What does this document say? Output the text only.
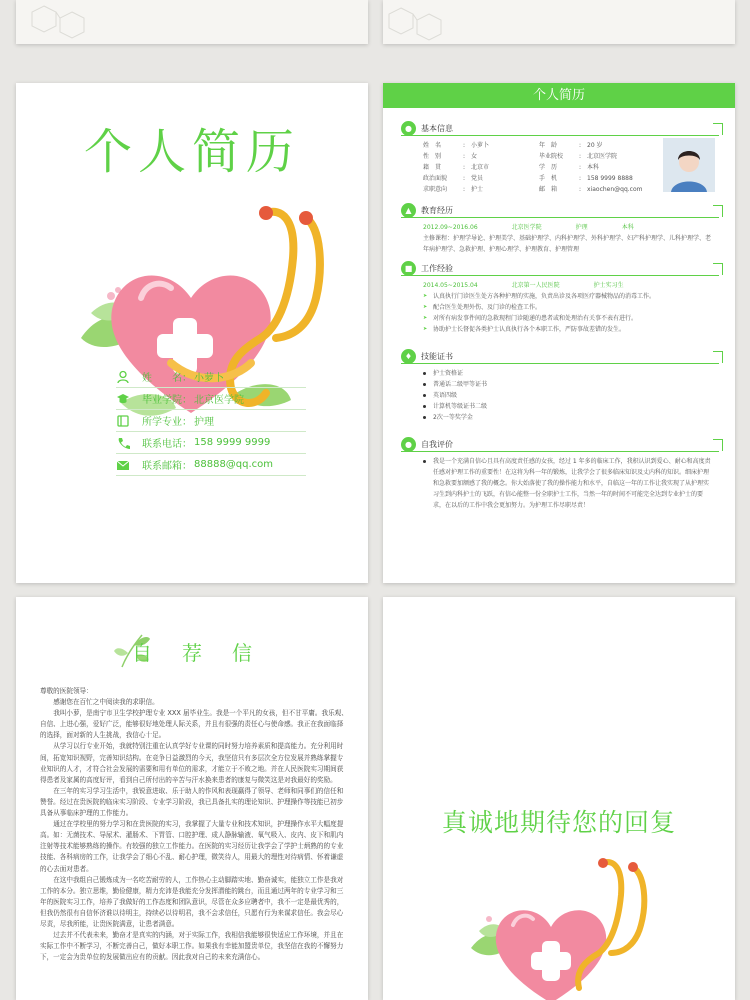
个人简历
姓　　名： 小萝卜
毕业学院： 北京医学院
所学专业： 护理
联系电话： 158 9999 9999
联系邮箱： 88888@qq.com
个人简历
●	基本信息
姓　名	: 小萝卜
性　别	: 女
籍　贯	: 北京市
政治面貌	: 党员
求职意向	: 护士
年　龄	: 20 岁
毕业院校	: 北京医学院
学　历	: 本科
手　机	: 158 9999 8888
邮　箱	: xiaochen@qq.com
▲	教育经历
2012.09~2016.06	北京医学院	护理	本科
主修课程：护理学导论、护理美学、基础护理学、内科护理学、外科护理学、妇产科护理学、儿科护理学、老年病护理学、急救护理、护理心理学、护理教育、护理管理
■	工作经验
2014.05~2015.04	北京第一人民医院	护士实习生
➤ 认真执行门诊医生处方各种护理的实施，负责出诊及各项医疗器械物品的消毒工作。
➤ 配合医生处理外伤、及门诊的检查工作。
➤ 对所有病发事件间的急救现程门诊随递的患者或和处理治有关事不表有进行。
➤ 协助护士长督促各类护士认真执行各个本职工作，严防事故差错的发生。
♦	技能证书
护士资格证
普通话二级甲等证书
英语四级
计算机等级证书二级
2次一等奖学金
●	自我评价
我是一个充满自信心且具有高度责任感的女孩，经过 1 年多的临床工作，我积认识到爱心、耐心和高度责任感对护理工作的重要性！在这将为科一年的锻炼，让我学会了很多临床知识及丈内科的知识。细床护理和急救要加额感了我的概念。你大始落使了我的操作能力和水平，自临这一年的工作让我实现了从护理实习生到内科护士的飞跃，有信心能整一份全职护士工作，当然一年的时间不可能完全达到专业护士的要求，在以后的工作中我会更加努力。为护理工作尽职尽责！
自荐信

尊敬的医院领导：

感谢您在百忙之中阅读我的求职信。

我叫小萝，是南宁市卫生学校护理专业 XXX 届毕业生。我是一个平凡的女孩，但不甘平庸。我乐观、自信、上进心强，爱好广泛，能够很好地处理人际关系，并且有很强的责任心与使命感。我正在我面临择的选择，面对新的人生挑战，我信心十足。

从学习以行专业开始，我就特别注重在认真学好专业课的同时努力培养素质和提高能力。充分利用时间，拓宽知识视野，完善知识结构。在竞争日益激烈的今天，我坚信只有多层次全方位发展并熟练掌握专业知识的人才，才符合社会发展的需要和用有单位的需求，才能立于不败之地。并在人民医院实习期间获得患者及家属的高度好评，看到自己所付出的辛苦与汗水换来患者的康复与微笑这是对我最好的奖励。

在三年的实习学习生活中，我锐意进取、乐于助人的作风和表现赢得了领导、老师和同事们的信任和赞誉。经过在贵医院的临床实习阶段、专业学习阶段，我已具备扎实的理论知识、护理操作等技能已初步具备从事临床护理的工作能力。

通过在学校里的努力学习和在贵医院的实习，我掌握了大量专业和技术知识，护理操作水平大幅度提高。如：无菌技术、导尿术、灌肠术、下胃管、口腔护理、成人静脉输液、氧气吸入、皮内、皮下和肌内注射等技术能够熟练的操作。有较强的独立工作能力。在医院的实习经历让我学会了学护士炳熟的的专业技能、各科病房的工作，让我学会了细心不乱、耐心护理，微笑待人，用最大的理性对待病情、怀着谦虚的心去面对患者。

在这中我组自己锻炼成为一名吃苦耐劳的人，工作热心主动脚踏实地、勤奋诚实，能独立工作是我对工作的本分。独立思维，勤俭健康，精力充沛是我能充分发挥潜能的跳台，而且通过两年的专业学习和三年的医院实习工作，培养了我做好的工作态度和团队意识，尽管在众多应聘者中，我不一定是最优秀的，但我仍然很有自信怀济谁以待明主，持续必以待明君，我不会求信任，只愿有行为来谋求信任。我会尽心尽责，尽我所能，让贵医院满意，让患者满意。

过去并不代表未来，勤奋才是真实的内涵，对于实际工作，我相信我能够很快适应工作环境，并且在实际工作中不断学习，不断完善自己，做好本职工作。如果我有幸能加盟贵单位，我坚信在我的不懈努力下，一定会为贵单位的发展做出应有的贡献。因此我对自己的未来充满信心。

真诚地期待您的回复
